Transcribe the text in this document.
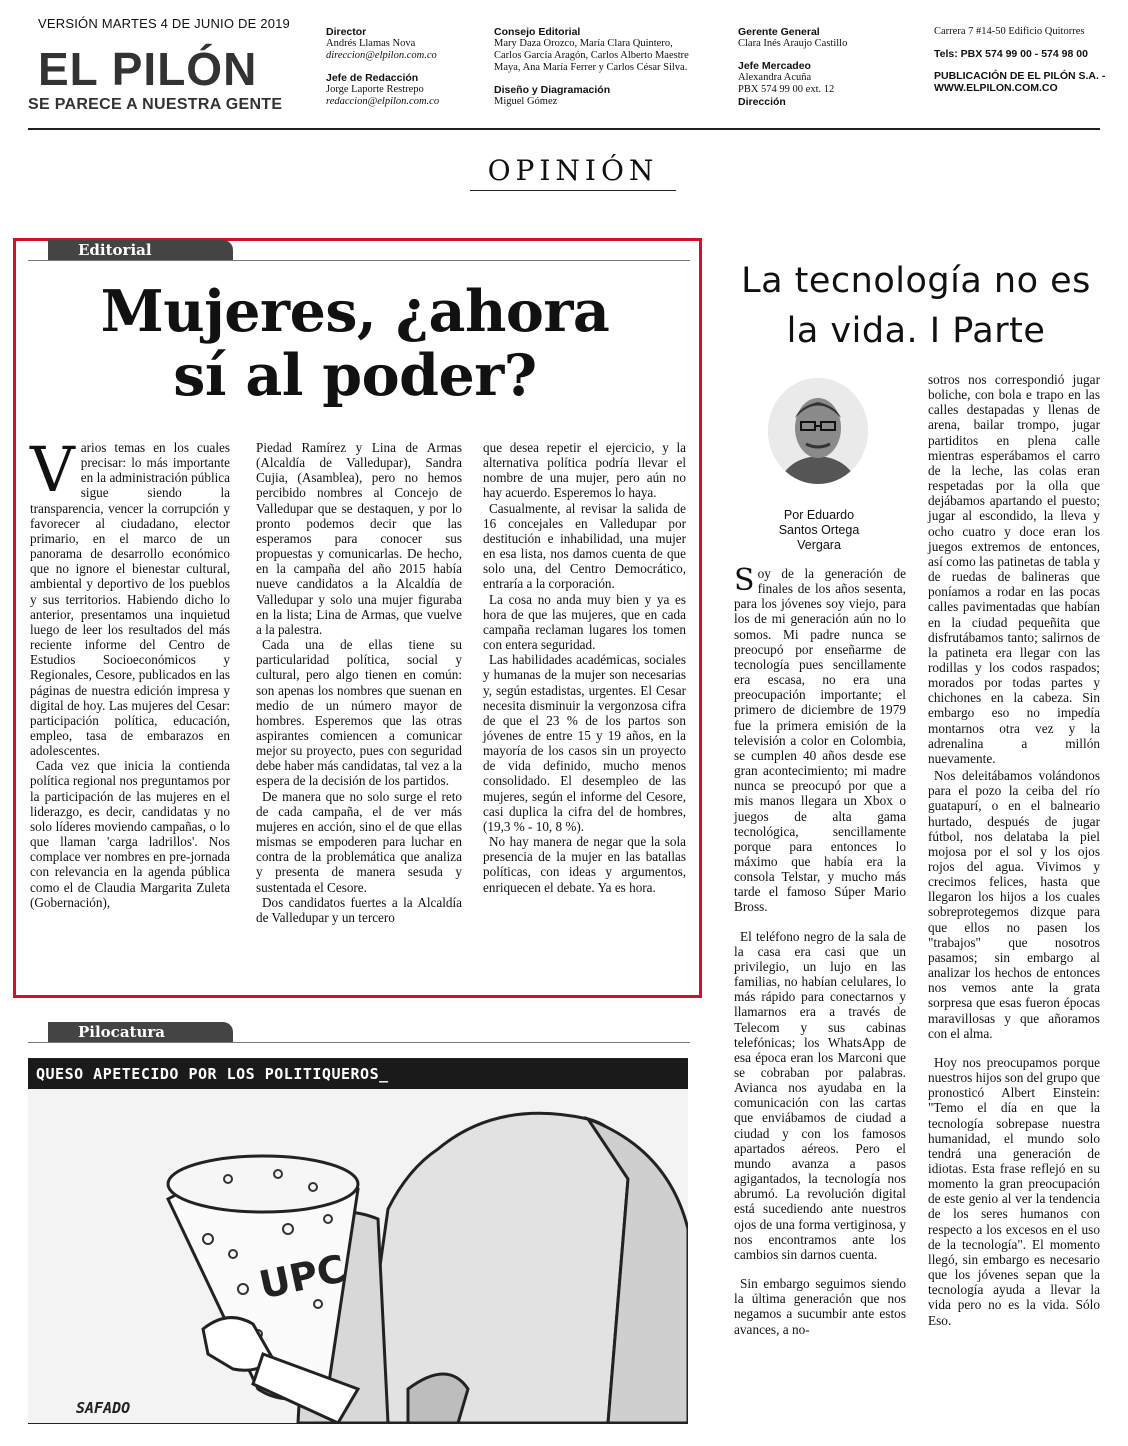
VERSIÓN MARTES 4 DE JUNIO DE 2019
EL PILÓN
SE PARECE A NUESTRA GENTE
Director
Andrés Llamas Nova
direccion@elpilon.com.co
Jefe de Redacción
Jorge Laporte Restrepo
redaccion@elpilon.com.co
Consejo Editorial
Mary Daza Orozco, María Clara Quintero,
Carlos García Aragón, Carlos Alberto Maestre
Maya, Ana María Ferrer y Carlos César Silva.
Diseño y Diagramación
Miguel Gómez
Gerente General
Clara Inés Araujo Castillo
Jefe Mercadeo
Alexandra Acuña
PBX 574 99 00 ext. 12
Dirección
Carrera 7 #14-50 Edificio Quitorres
Tels: PBX 574 99 00 - 574 98 00
PUBLICACIÓN DE EL PILÓN S.A. -
WWW.ELPILON.COM.CO
OPINIÓN
Editorial
Mujeres, ¿ahora
sí al poder?

Varios temas en los cuales precisar: lo más importante en la administración pública sigue siendo la transparencia, vencer la corrupción y favorecer al ciudadano, elector primario, en el marco de un panorama de desarrollo económico que no ignore el bienestar cultural, ambiental y deportivo de los pueblos y sus territorios. Habiendo dicho lo anterior, presentamos una inquietud luego de leer los resultados del más reciente informe del Centro de Estudios Socioeconómicos y Regionales, Cesore, publicados en las páginas de nuestra edición impresa y digital de hoy. Las mujeres del Cesar: participación política, educación, empleo, tasa de embarazos en adolescentes.

Cada vez que inicia la contienda política regional nos preguntamos por la participación de las mujeres en el liderazgo, es decir, candidatas y no solo líderes moviendo campañas, o lo que llaman 'carga ladrillos'. Nos complace ver nombres en pre-jornada con relevancia en la agenda pública como el de Claudia Margarita Zuleta (Gobernación),

Piedad Ramírez y Lina de Armas (Alcaldía de Valledupar), Sandra Cujia, (Asamblea), pero no hemos percibido nombres al Concejo de Valledupar que se destaquen, y por lo pronto podemos decir que las esperamos para conocer sus propuestas y comunicarlas. De hecho, en la campaña del año 2015 había nueve candidatos a la Alcaldía de Valledupar y solo una mujer figuraba en la lista; Lina de Armas, que vuelve a la palestra.

Cada una de ellas tiene su particularidad política, social y cultural, pero algo tienen en común: son apenas los nombres que suenan en medio de un número mayor de hombres. Esperemos que las otras aspirantes comiencen a comunicar mejor su proyecto, pues con seguridad debe haber más candidatas, tal vez a la espera de la decisión de los partidos.

De manera que no solo surge el reto de cada campaña, el de ver más mujeres en acción, sino el de que ellas mismas se empoderen para luchar en contra de la problemática que analiza y presenta de manera sesuda y sustentada el Cesore.

Dos candidatos fuertes a la Alcaldía de Valledupar y un tercero

que desea repetir el ejercicio, y la alternativa política podría llevar el nombre de una mujer, pero aún no hay acuerdo. Esperemos lo haya.

Casualmente, al revisar la salida de 16 concejales en Valledupar por destitución e inhabilidad, una mujer en esa lista, nos damos cuenta de que solo una, del Centro Democrático, entraría a la corporación.

La cosa no anda muy bien y ya es hora de que las mujeres, que en cada campaña reclaman lugares los tomen con entera seguridad.

Las habilidades académicas, sociales y humanas de la mujer son necesarias y, según estadistas, urgentes. El Cesar necesita disminuir la vergonzosa cifra de que el 23 % de los partos son jóvenes de entre 15 y 19 años, en la mayoría de los casos sin un proyecto de vida definido, mucho menos consolidado. El desempleo de las mujeres, según el informe del Cesore, casi duplica la cifra del de hombres, (19,3 % - 10, 8 %).

No hay manera de negar que la sola presencia de la mujer en las batallas políticas, con ideas y argumentos, enriquecen el debate. Ya es hora.

Pilocatura
QUESO APETECIDO POR LOS POLITIQUEROS_
UPC
SAFADO
La tecnología no es
la vida. I Parte
Por Eduardo
Santos Ortega
Vergara

Soy de la generación de finales de los años sesenta, para los jóvenes soy viejo, para los de mi generación aún no lo somos. Mi padre nunca se preocupó por enseñarme de tecnología pues sencillamente era escasa, no era una preocupación importante; el primero de diciembre de 1979 fue la primera emisión de la televisión a color en Colombia, se cumplen 40 años desde ese gran acontecimiento; mi madre nunca se preocupó por que a mis manos llegara un Xbox o juegos de alta gama tecnológica, sencillamente porque para entonces lo máximo que había era la consola Telstar, y mucho más tarde el famoso Súper Mario Bross.

El teléfono negro de la sala de la casa era casi que un privilegio, un lujo en las familias, no habían celulares, lo más rápido para conectarnos y llamarnos era a través de Telecom y sus cabinas telefónicas; los WhatsApp de esa época eran los Marconi que se cobraban por palabras. Avianca nos ayudaba en la comunicación con las cartas que enviábamos de ciudad a ciudad y con los famosos apartados aéreos. Pero el mundo avanza a pasos agigantados, la tecnología nos abrumó. La revolución digital está sucediendo ante nuestros ojos de una forma vertiginosa, y nos encontramos ante los cambios sin darnos cuenta.

Sin embargo seguimos siendo la última generación que nos negamos a sucumbir ante estos avances, a no-

sotros nos correspondió jugar boliche, con bola e trapo en las calles destapadas y llenas de arena, bailar trompo, jugar partiditos en plena calle mientras esperábamos el carro de la leche, las colas eran respetadas por la olla que dejábamos apartando el puesto; jugar al escondido, la lleva y ocho cuatro y doce eran los juegos extremos de entonces, así como las patinetas de tabla y de ruedas de balineras que poníamos a rodar en las pocas calles pavimentadas que habían en la ciudad pequeñita que disfrutábamos tanto; salirnos de la patineta era llegar con las rodillas y los codos raspados; morados por todas partes y chichones en la cabeza. Sin embargo eso no impedía montarnos otra vez y la adrenalina a millón nuevamente.

Nos deleitábamos volándonos para el pozo la ceiba del río guatapurí, o en el balneario hurtado, después de jugar fútbol, nos delataba la piel mojosa por el sol y los ojos rojos del agua. Vivimos y crecimos felices, hasta que llegaron los hijos a los cuales sobreprotegemos dizque para que ellos no pasen los "trabajos" que nosotros pasamos; sin embargo al analizar los hechos de entonces nos vemos ante la grata sorpresa que esas fueron épocas maravillosas y que añoramos con el alma.

Hoy nos preocupamos porque nuestros hijos son del grupo que pronosticó Albert Einstein: "Temo el día en que la tecnología sobrepase nuestra humanidad, el mundo solo tendrá una generación de idiotas. Esta frase reflejó en su momento la gran preocupación de este genio al ver la tendencia de los seres humanos con respecto a los excesos en el uso de la tecnología". El momento llegó, sin embargo es necesario que los jóvenes sepan que la tecnología ayuda a llevar la vida pero no es la vida. Sólo Eso.
